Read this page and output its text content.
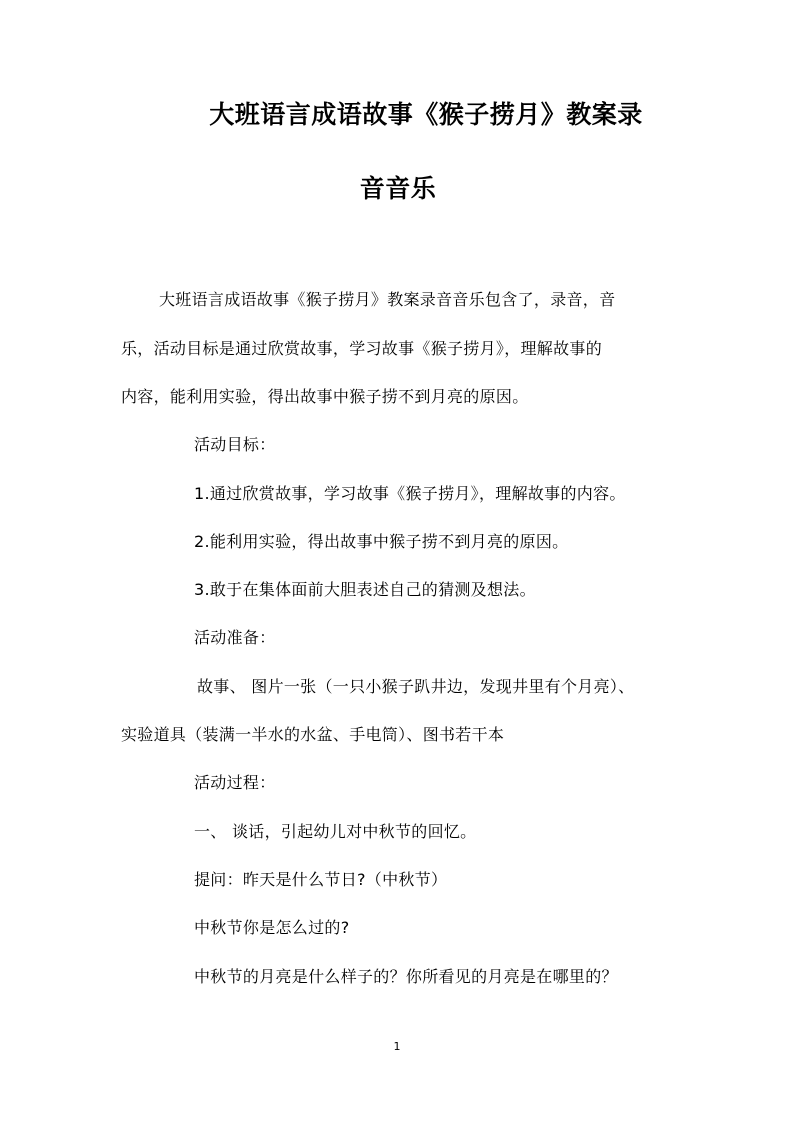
大班语言成语故事《猴子捞月》教案录
音音乐
大班语言成语故事《猴子捞月》教案录音音乐包含了，录音，音
乐，活动目标是通过欣赏故事，学习故事《猴子捞月》，理解故事的
内容，能利用实验，得出故事中猴子捞不到月亮的原因。
活动目标：
1.通过欣赏故事，学习故事《猴子捞月》，理解故事的内容。
2.能利用实验，得出故事中猴子捞不到月亮的原因。
3.敢于在集体面前大胆表述自己的猜测及想法。
活动准备：
故事、 图片一张（一只小猴子趴井边，发现井里有个月亮）、
实验道具（装满一半水的水盆、手电筒）、图书若干本
活动过程：
一、 谈话，引起幼儿对中秋节的回忆。
提问：昨天是什么节日?（中秋节）
中秋节你是怎么过的?
中秋节的月亮是什么样子的？你所看见的月亮是在哪里的？
1
